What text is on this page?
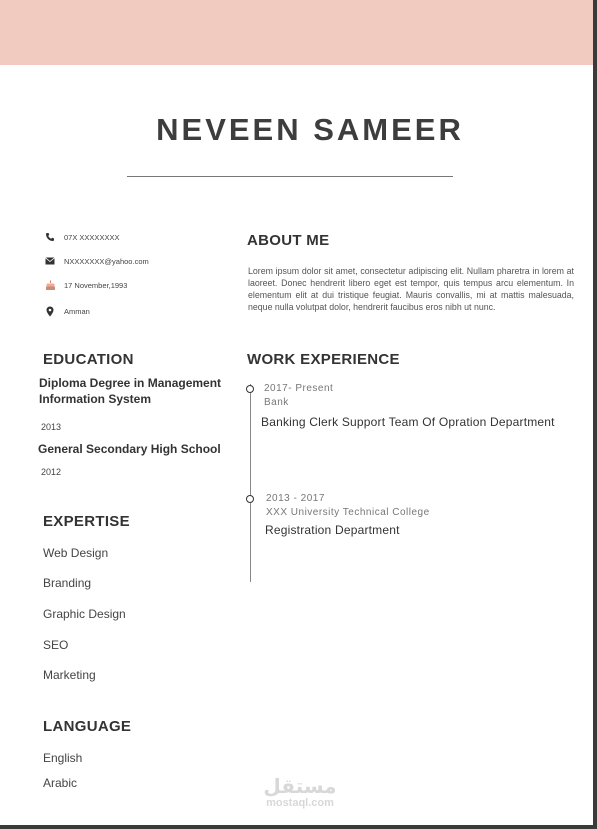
NEVEEN SAMEER
07X XXXXXXXX
NXXXXXXX@yahoo.com
17 November,1993
Amman
EDUCATION
Diploma Degree in Management Information System
2013
General Secondary High School
2012
EXPERTISE
Web Design
Branding
Graphic Design
SEO
Marketing
LANGUAGE
English
Arabic
ABOUT ME
Lorem ipsum dolor sit amet, consectetur adipiscing elit. Nullam pharetra in lorem at laoreet. Donec hendrerit libero eget est tempor, quis tempus arcu elementum. In elementum elit at dui tristique feugiat. Mauris convallis, mi at mattis malesuada, neque nulla volutpat dolor, hendrerit faucibus eros nibh ut nunc.
WORK EXPERIENCE
2017- Present
Bank
Banking Clerk Support Team Of Opration Department
2013 - 2017
XXX University Technical College
Registration Department
مستقل
mostaql.com
